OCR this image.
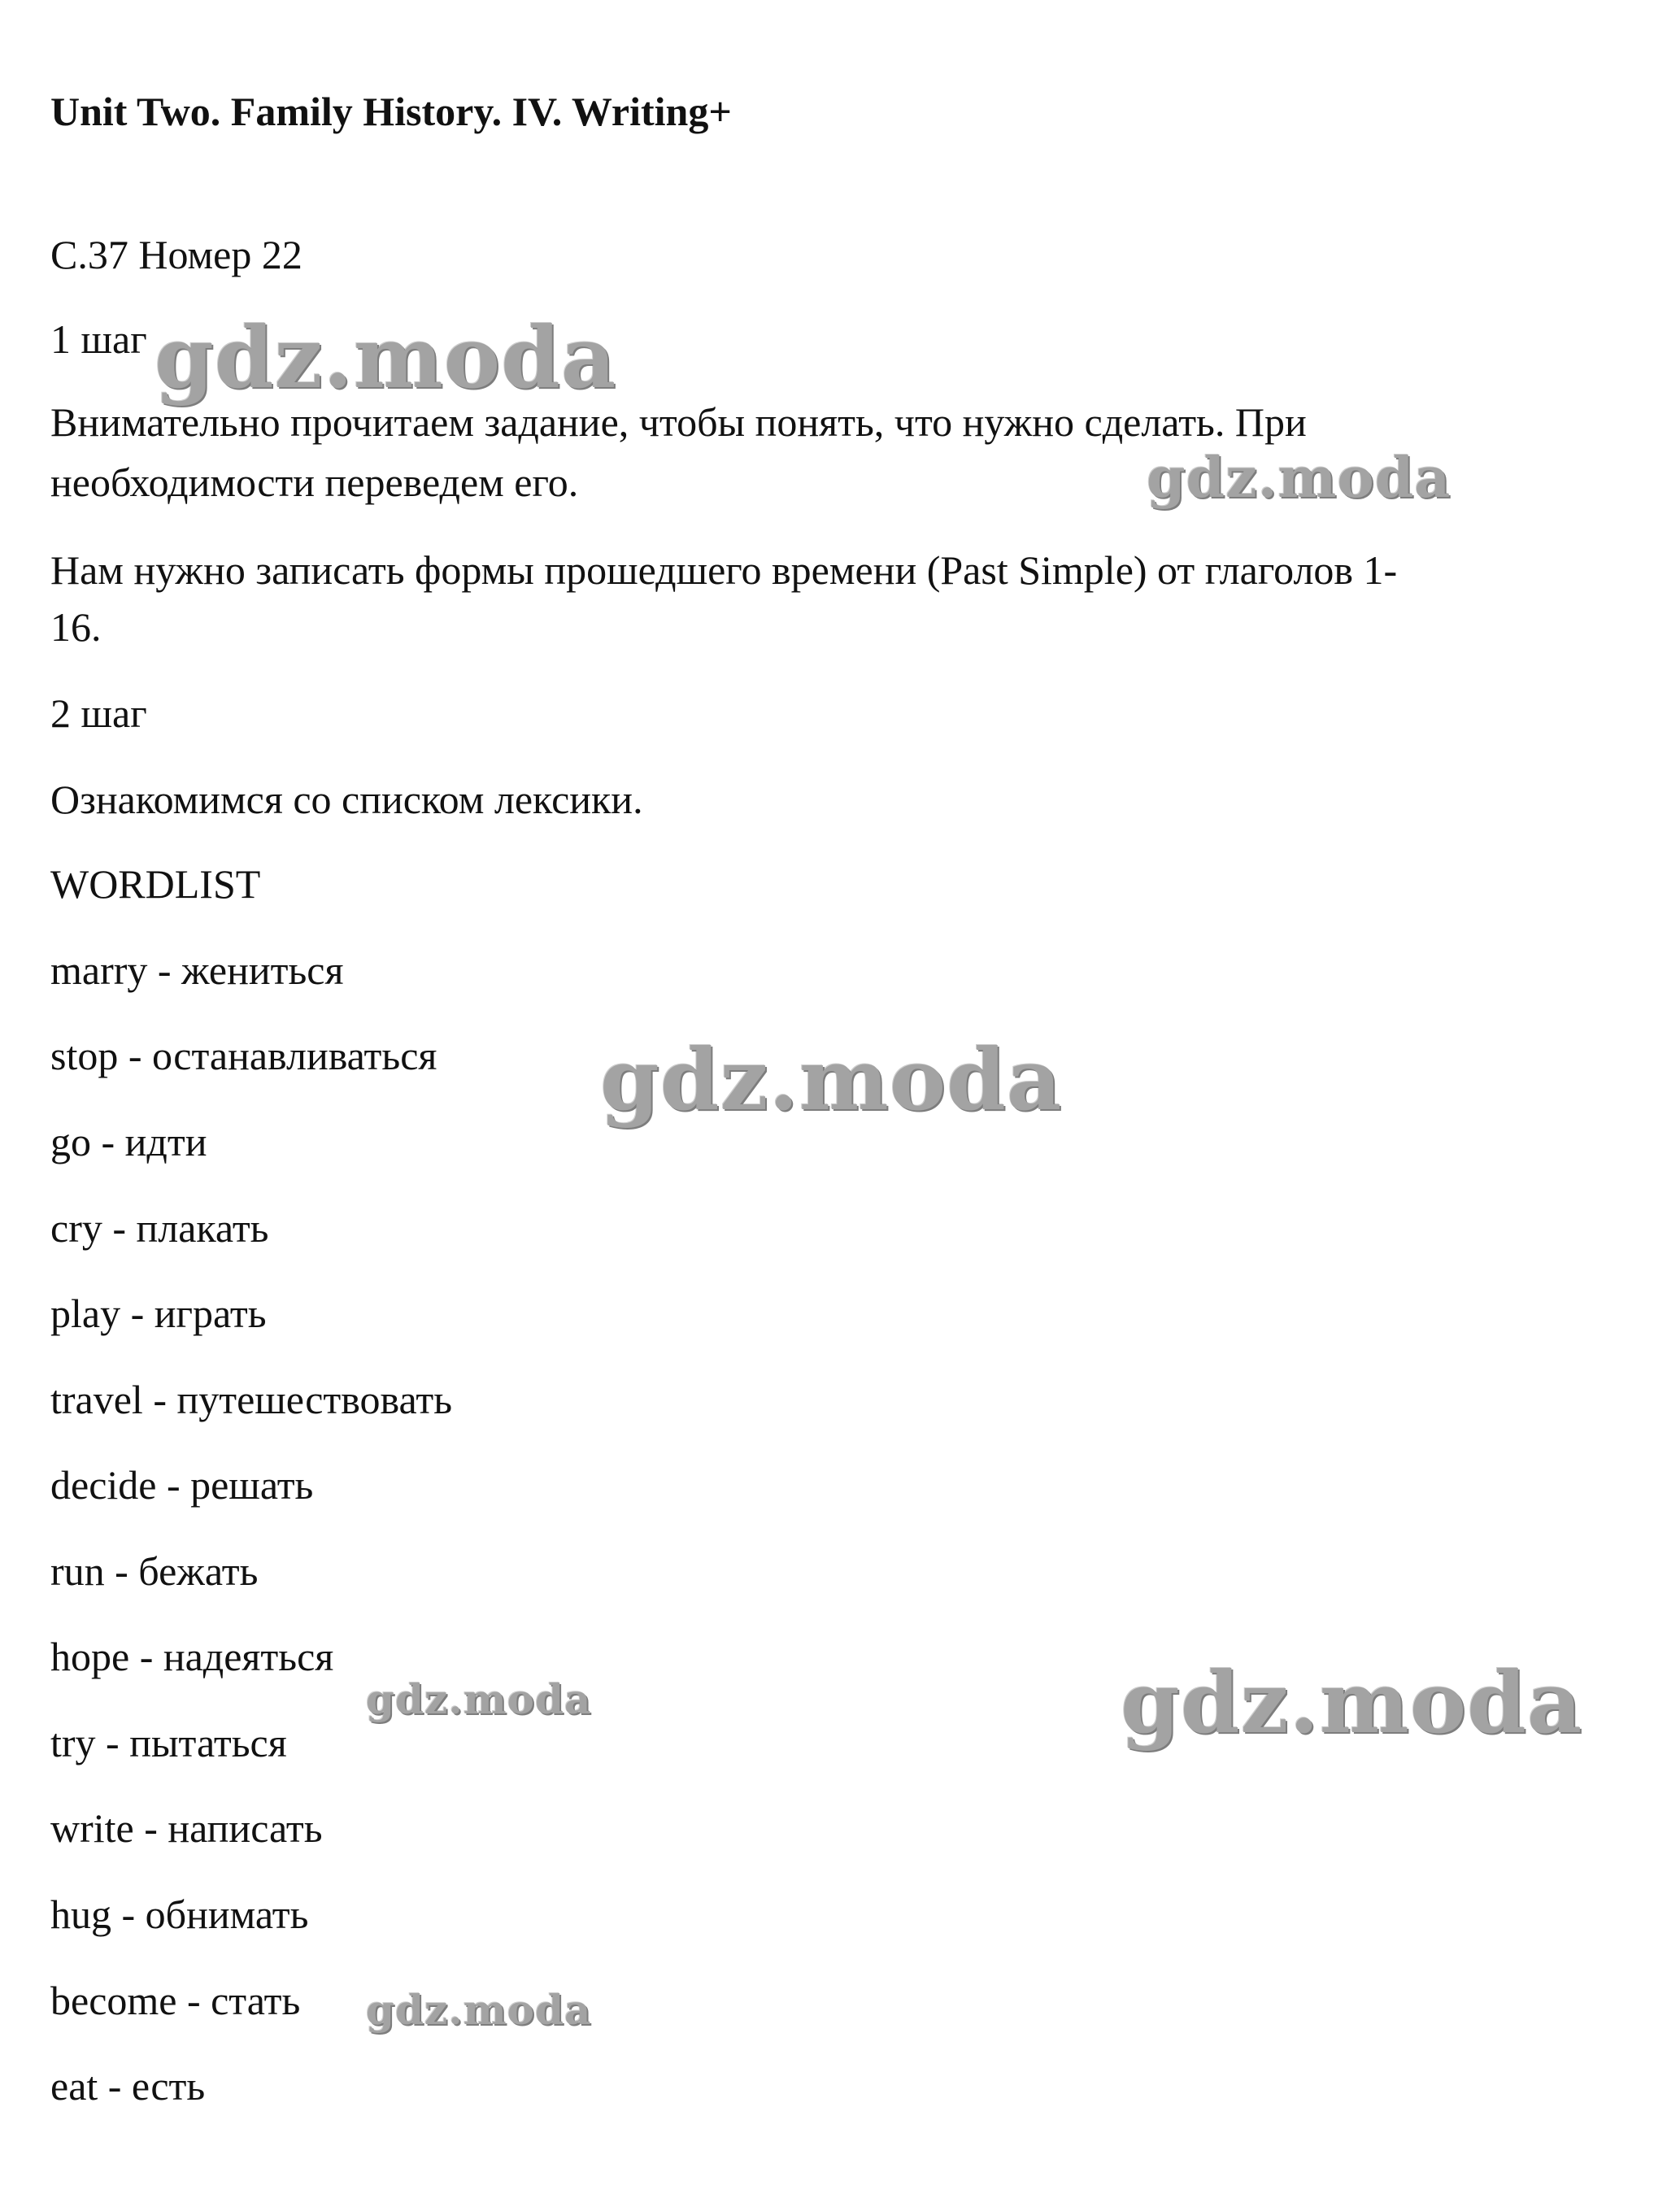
Unit Two. Family History. IV. Writing+
С.37 Номер 22
1 шаг
Внимательно прочитаем задание, чтобы понять, что нужно сделать. При
необходимости переведем его.
Нам нужно записать формы прошедшего времени (Past Simple) от глаголов 1-
16.
2 шаг
Ознакомимся со списком лексики.
WORDLIST
marry - жениться
stop - останавливаться
go - идти
cry - плакать
play - играть
travel - путешествовать
decide - решать
run - бежать
hope - надеяться
try - пытаться
write - написать
hug - обнимать
become - стать
eat - есть
gdz.moda
gdz.moda
gdz.moda
gdz.moda
gdz.moda
gdz.moda
